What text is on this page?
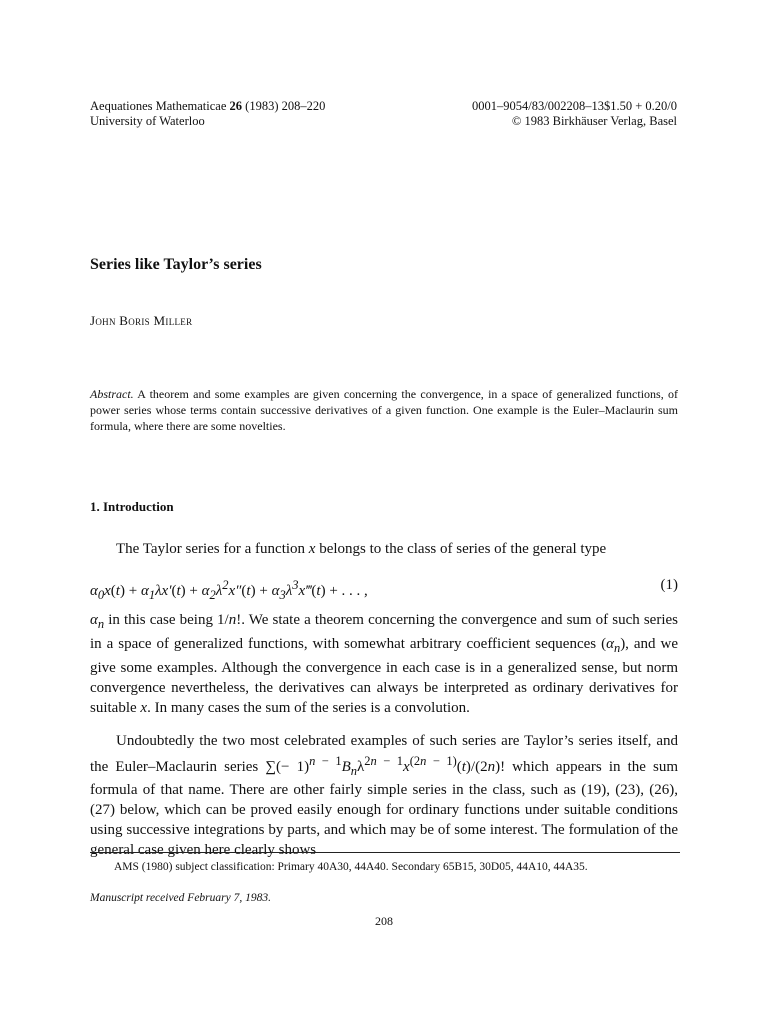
Aequationes Mathematicae 26 (1983) 208–220
University of Waterloo
0001–9054/83/002208–13$1.50 + 0.20/0
© 1983 Birkhäuser Verlag, Basel
Series like Taylor’s series
John Boris Miller

Abstract. A theorem and some examples are given concerning the convergence, in a space of generalized functions, of power series whose terms contain successive derivatives of a given function. One example is the Euler–Maclaurin sum formula, where there are some novelties.

1. Introduction

The Taylor series for a function x belongs to the class of series of the general type

$\alpha_0x(t) + \alpha_1\lambda x'(t) + \alpha_2\lambda^2x''(t)$ + $\alpha_3\lambda^3x‴(t)$ + . . . ,	(1)

$\alpha_n$ in this case being 1/n!. We state a theorem concerning the convergence and sum of such series in a space of generalized functions, with somewhat arbitrary coefficient sequences $(\alpha_n)$, and we give some examples. Although the convergence in each case is in a generalized sense, but norm convergence nevertheless, the derivatives can always be interpreted as ordinary derivatives for suitable x. In many cases the sum of the series is a convolution.

Undoubtedly the two most celebrated examples of such series are Taylor’s series itself, and the Euler–Maclaurin series ∑(− $1)^{n - 1}B_n\lambda^{2n - 1}x^{(2n - 1)}(t)/(2n)$! which appears in the sum formula of that name. There are other fairly simple series in the class, such as (19), (23), (26), (27) below, which can be proved easily enough for ordinary functions under suitable conditions using successive integrations by parts, and which may be of some interest. The formulation of the general case given here clearly shows

AMS (1980) subject classification: Primary 40A30, 44A40. Secondary 65B15, 30D05, 44A10, 44A35.
Manuscript received February 7, 1983.
208
